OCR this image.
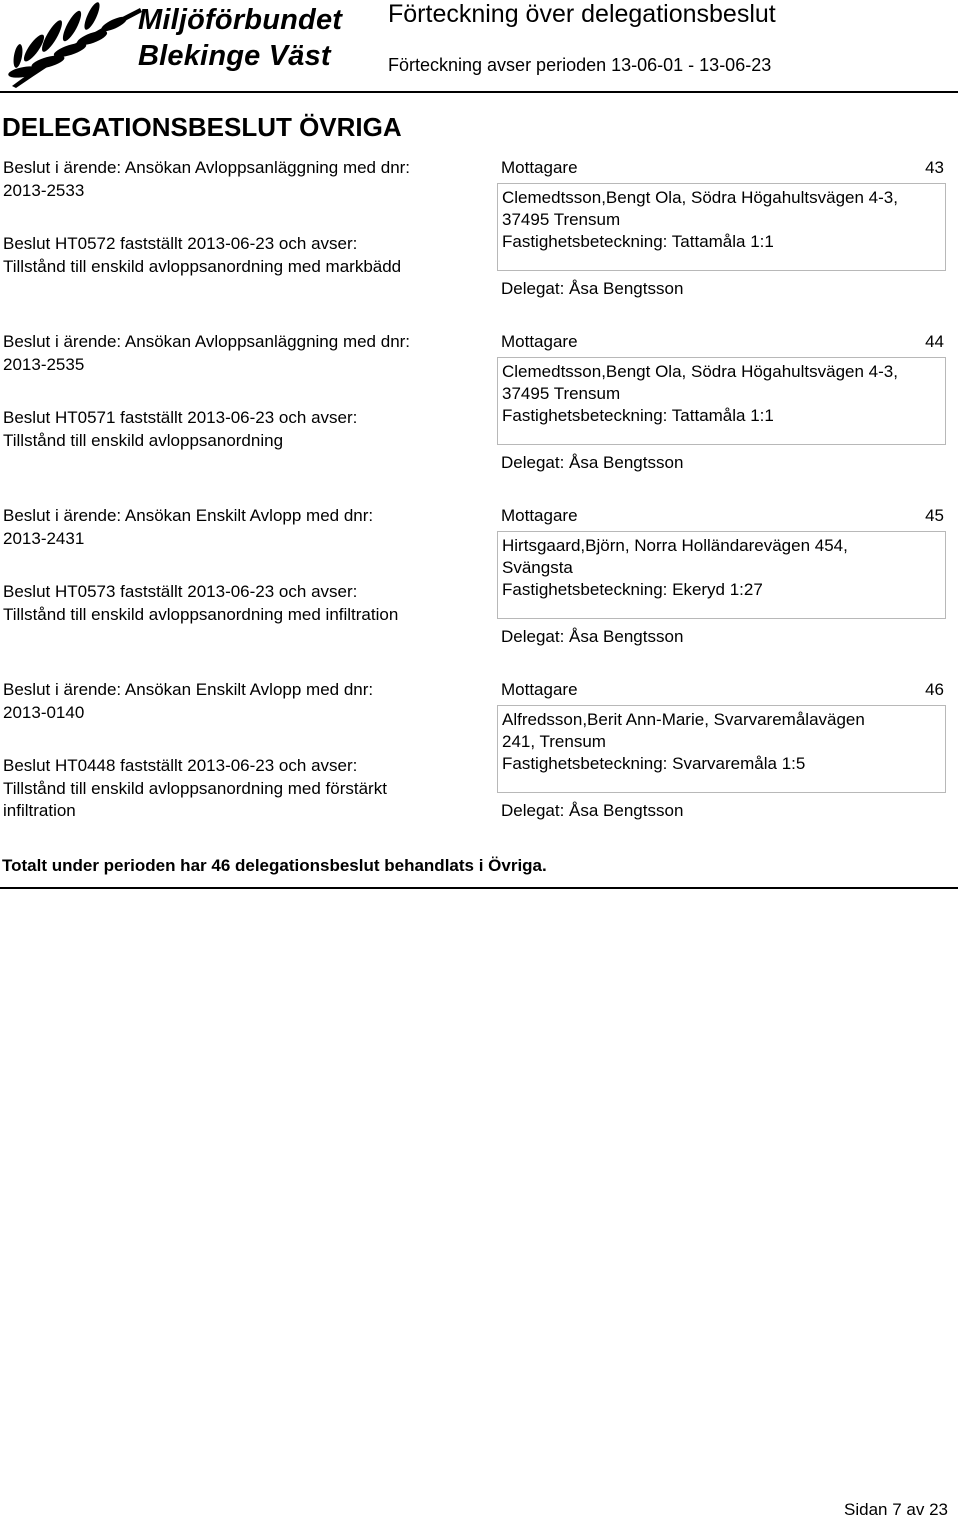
Miljöförbundet
Blekinge Väst
Förteckning över delegationsbeslut
Förteckning avser perioden 13-06-01 - 13-06-23
DELEGATIONSBESLUT ÖVRIGA
Beslut i ärende: Ansökan Avloppsanläggning med dnr:
2013-2533
Beslut HT0572 fastställt 2013-06-23 och avser:
Tillstånd till enskild avloppsanordning med markbädd
Mottagare	43
Clemedtsson,Bengt Ola, Södra Högahultsvägen 4-3,
37495 Trensum
Fastighetsbeteckning: Tattamåla 1:1
Delegat: Åsa Bengtsson
Beslut i ärende: Ansökan Avloppsanläggning med dnr:
2013-2535
Beslut HT0571 fastställt 2013-06-23 och avser:
Tillstånd till enskild avloppsanordning
Mottagare	44
Clemedtsson,Bengt Ola, Södra Högahultsvägen 4-3,
37495 Trensum
Fastighetsbeteckning: Tattamåla 1:1
Delegat: Åsa Bengtsson
Beslut i ärende: Ansökan Enskilt Avlopp med dnr:
2013-2431
Beslut HT0573 fastställt 2013-06-23 och avser:
Tillstånd till enskild avloppsanordning med infiltration
Mottagare	45
Hirtsgaard,Björn, Norra Holländarevägen 454,
Svängsta
Fastighetsbeteckning: Ekeryd 1:27
Delegat: Åsa Bengtsson
Beslut i ärende: Ansökan Enskilt Avlopp med dnr:
2013-0140
Beslut HT0448 fastställt 2013-06-23 och avser:
Tillstånd till enskild avloppsanordning med förstärkt
infiltration
Mottagare	46
Alfredsson,Berit Ann-Marie, Svarvaremålavägen
241, Trensum
Fastighetsbeteckning: Svarvaremåla 1:5
Delegat: Åsa Bengtsson
Totalt under perioden har 46 delegationsbeslut behandlats i Övriga.
Sidan 7 av 23
